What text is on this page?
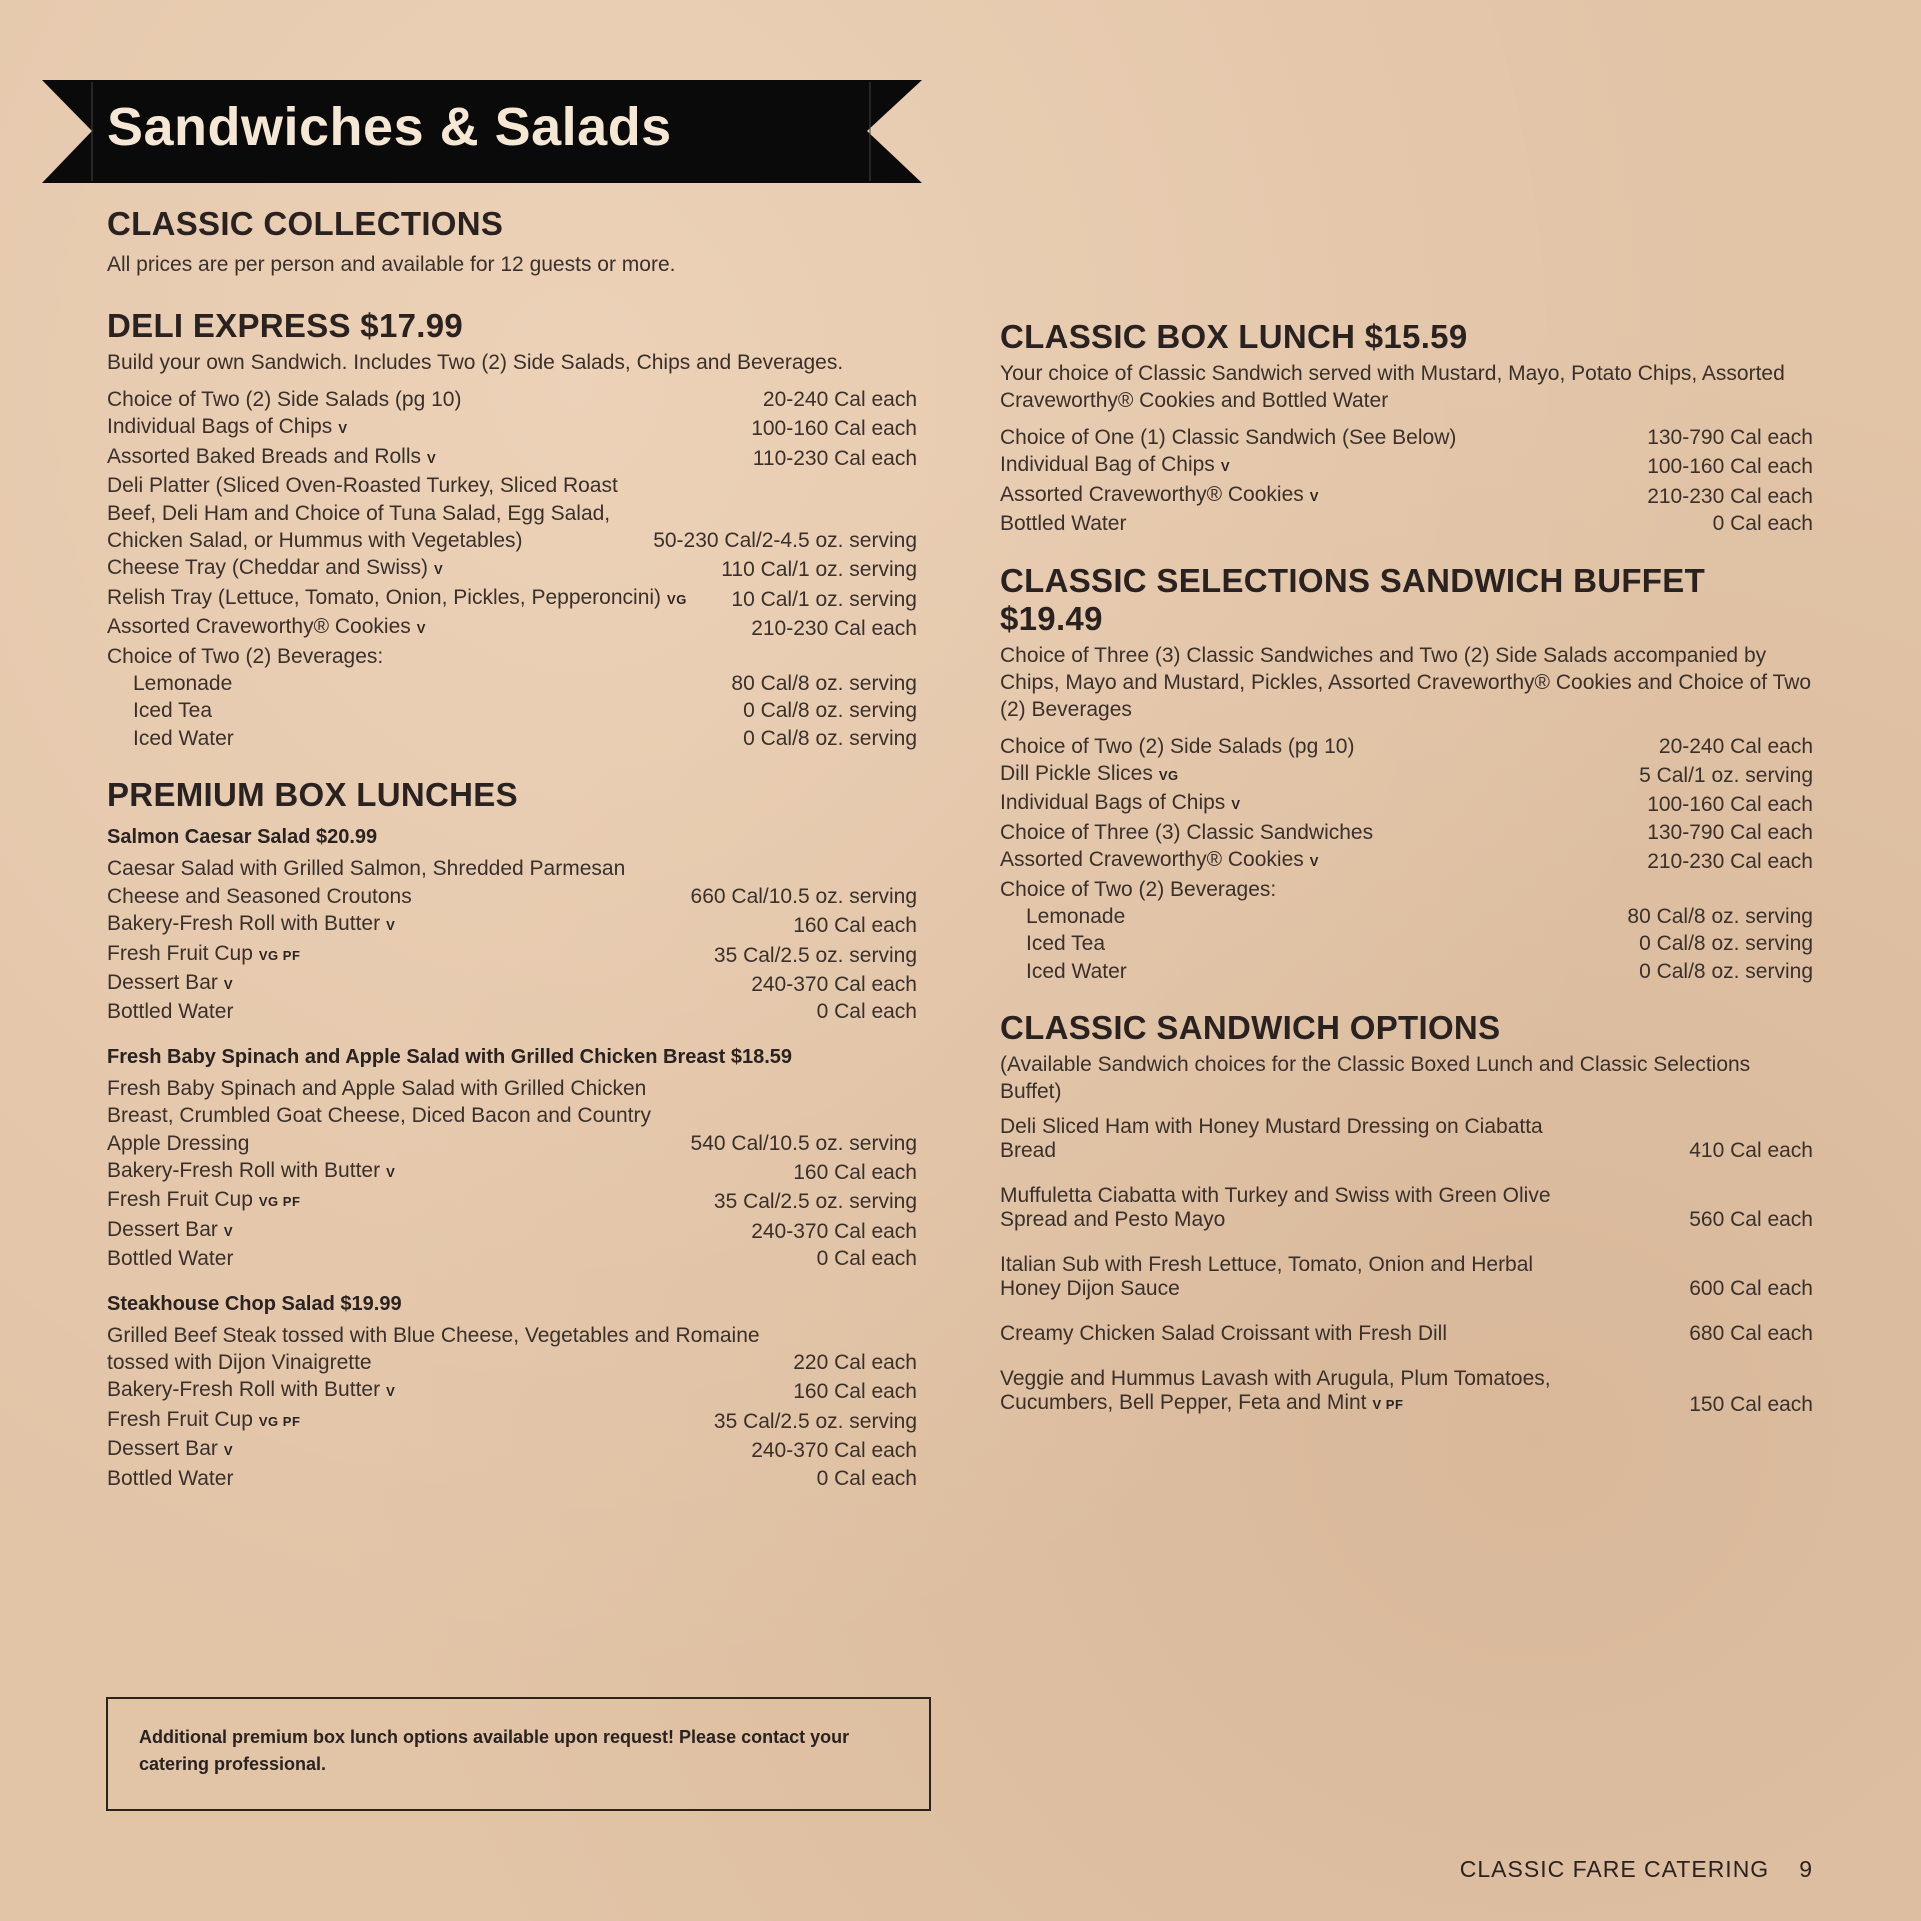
Sandwiches & Salads
CLASSIC COLLECTIONS

All prices are per person and available for 12 guests or more.

DELI EXPRESS $17.99

Build your own Sandwich. Includes Two (2) Side Salads, Chips and Beverages.

Choice of Two (2) Side Salads (pg 10)	20-240 Cal each
Individual Bags of Chips V	100-160 Cal each
Assorted Baked Breads and Rolls V	110-230 Cal each
Deli Platter (Sliced Oven-Roasted Turkey, Sliced Roast Beef, Deli Ham and Choice of Tuna Salad, Egg Salad, Chicken Salad, or Hummus with Vegetables)	50-230 Cal/2-4.5 oz. serving
Cheese Tray (Cheddar and Swiss) V	110 Cal/1 oz. serving
Relish Tray (Lettuce, Tomato, Onion, Pickles, Pepperoncini) VG	10 Cal/1 oz. serving
Assorted Craveworthy® Cookies V	210-230 Cal each
Choice of Two (2) Beverages:
Lemonade	80 Cal/8 oz. serving
Iced Tea	0 Cal/8 oz. serving
Iced Water	0 Cal/8 oz. serving
PREMIUM BOX LUNCHES
Salmon Caesar Salad $20.99
Caesar Salad with Grilled Salmon, Shredded Parmesan Cheese and Seasoned Croutons	660 Cal/10.5 oz. serving
Bakery-Fresh Roll with Butter V	160 Cal each
Fresh Fruit Cup VG PF	35 Cal/2.5 oz. serving
Dessert Bar V	240-370 Cal each
Bottled Water	0 Cal each
Fresh Baby Spinach and Apple Salad with Grilled Chicken Breast $18.59
Fresh Baby Spinach and Apple Salad with Grilled Chicken Breast, Crumbled Goat Cheese, Diced Bacon and Country Apple Dressing	540 Cal/10.5 oz. serving
Bakery-Fresh Roll with Butter V	160 Cal each
Fresh Fruit Cup VG PF	35 Cal/2.5 oz. serving
Dessert Bar V	240-370 Cal each
Bottled Water	0 Cal each
Steakhouse Chop Salad $19.99
Grilled Beef Steak tossed with Blue Cheese, Vegetables and Romaine tossed with Dijon Vinaigrette	220 Cal each
Bakery-Fresh Roll with Butter V	160 Cal each
Fresh Fruit Cup VG PF	35 Cal/2.5 oz. serving
Dessert Bar V	240-370 Cal each
Bottled Water	0 Cal each
CLASSIC BOX LUNCH $15.59

Your choice of Classic Sandwich served with Mustard, Mayo, Potato Chips, Assorted Craveworthy® Cookies and Bottled Water

Choice of One (1) Classic Sandwich (See Below)	130-790 Cal each
Individual Bag of Chips V	100-160 Cal each
Assorted Craveworthy® Cookies V	210-230 Cal each
Bottled Water	0 Cal each
CLASSIC SELECTIONS SANDWICH BUFFET $19.49

Choice of Three (3) Classic Sandwiches and Two (2) Side Salads accompanied by Chips, Mayo and Mustard, Pickles, Assorted Craveworthy® Cookies and Choice of Two (2) Beverages

Choice of Two (2) Side Salads (pg 10)	20-240 Cal each
Dill Pickle Slices VG	5 Cal/1 oz. serving
Individual Bags of Chips V	100-160 Cal each
Choice of Three (3) Classic Sandwiches	130-790 Cal each
Assorted Craveworthy® Cookies V	210-230 Cal each
Choice of Two (2) Beverages:
Lemonade	80 Cal/8 oz. serving
Iced Tea	0 Cal/8 oz. serving
Iced Water	0 Cal/8 oz. serving
CLASSIC SANDWICH OPTIONS

(Available Sandwich choices for the Classic Boxed Lunch and Classic Selections Buffet)

Deli Sliced Ham with Honey Mustard Dressing on Ciabatta Bread	410 Cal each
Muffuletta Ciabatta with Turkey and Swiss with Green Olive Spread and Pesto Mayo	560 Cal each
Italian Sub with Fresh Lettuce, Tomato, Onion and Herbal Honey Dijon Sauce	600 Cal each
Creamy Chicken Salad Croissant with Fresh Dill	680 Cal each
Veggie and Hummus Lavash with Arugula, Plum Tomatoes, Cucumbers, Bell Pepper, Feta and Mint V PF	150 Cal each
Additional premium box lunch options available upon request! Please contact your catering professional.
CLASSIC FARE CATERING 9
